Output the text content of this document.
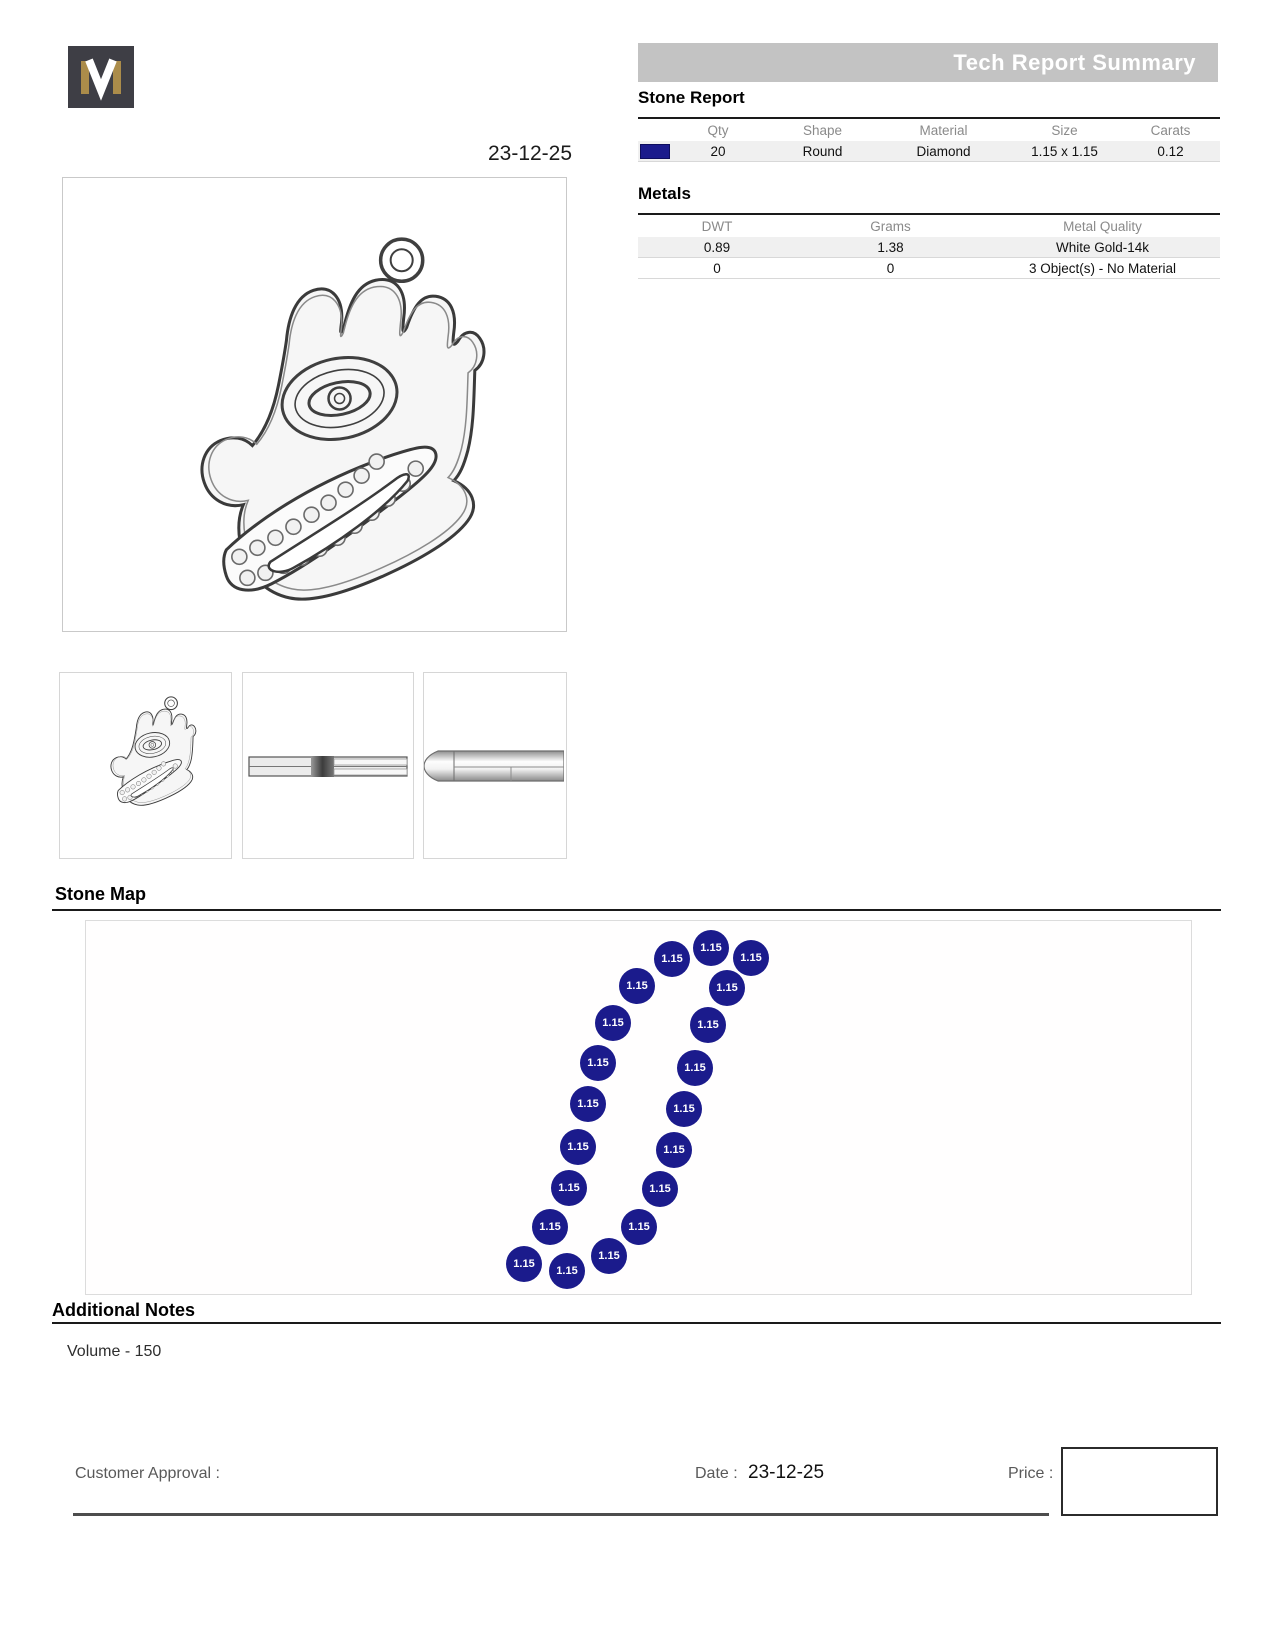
23-12-25
Tech Report Summary
Stone Report
Qty	Shape	Material	Size	Carats
20	Round	Diamond	1.15 x 1.15	0.12
Metals
DWT	Grams	Metal Quality
0.89	1.38	White Gold-14k
0	0	3 Object(s) - No Material
Stone Map
1.15
1.15
1.15
1.15
1.15
1.15
1.15
1.15
1.15
1.15
1.15
1.15
1.15
1.15
1.15
1.15
1.15
1.15
1.15
1.15
Additional Notes
Volume - 150
Customer Approval :	Date : 23-12-25	Price :
